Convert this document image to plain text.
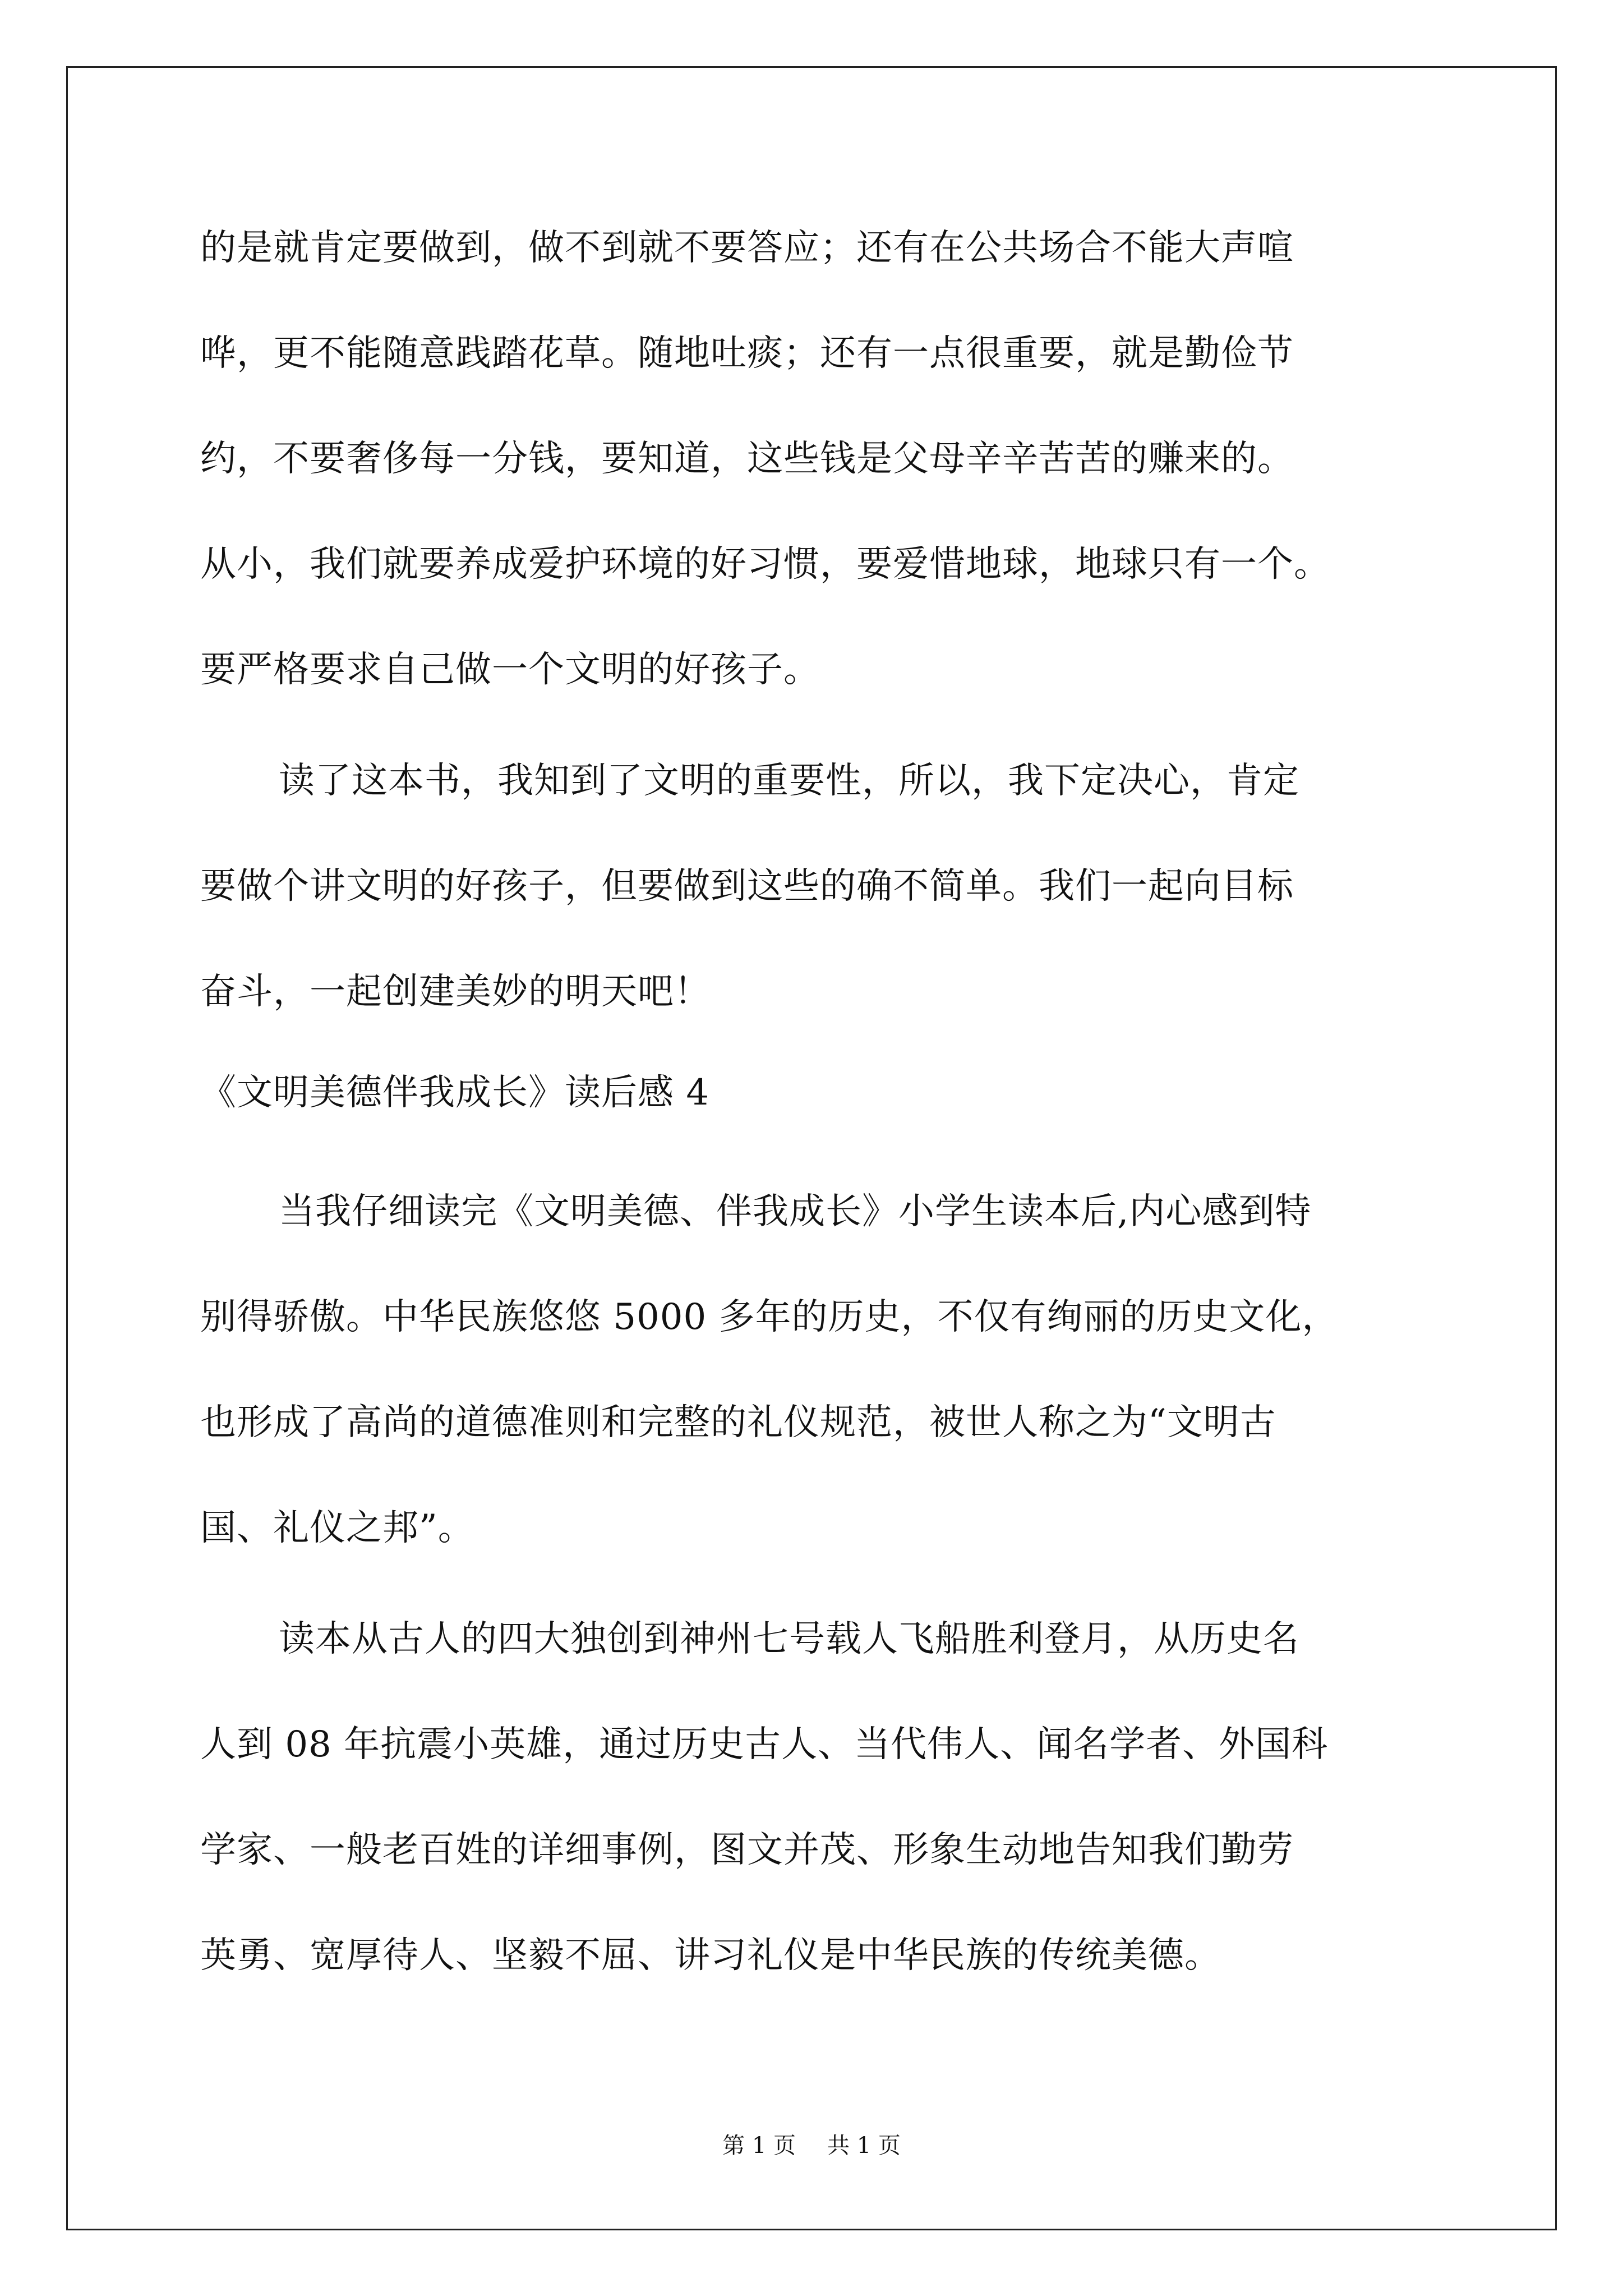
的是就肯定要做到，做不到就不要答应；还有在公共场合不能大声喧
哗，更不能随意践踏花草。随地吐痰；还有一点很重要，就是勤俭节
约，不要奢侈每一分钱，要知道，这些钱是父母辛辛苦苦的赚来的。
从小，我们就要养成爱护环境的好习惯，要爱惜地球，地球只有一个。
要严格要求自己做一个文明的好孩子。
读了这本书，我知到了文明的重要性，所以，我下定决心，肯定
要做个讲文明的好孩子，但要做到这些的确不简单。我们一起向目标
奋斗，一起创建美妙的明天吧！
《文明美德伴我成长》读后感 4
当我仔细读完《文明美德、伴我成长》小学生读本后,内心感到特
别得骄傲。中华民族悠悠 5000 多年的历史，不仅有绚丽的历史文化，
也形成了高尚的道德准则和完整的礼仪规范，被世人称之为“文明古
国、礼仪之邦”。
读本从古人的四大独创到神州七号载人飞船胜利登月，从历史名
人到 08 年抗震小英雄，通过历史古人、当代伟人、闻名学者、外国科
学家、一般老百姓的详细事例，图文并茂、形象生动地告知我们勤劳
英勇、宽厚待人、坚毅不屈、讲习礼仪是中华民族的传统美德。
第 1 页 共 1 页
